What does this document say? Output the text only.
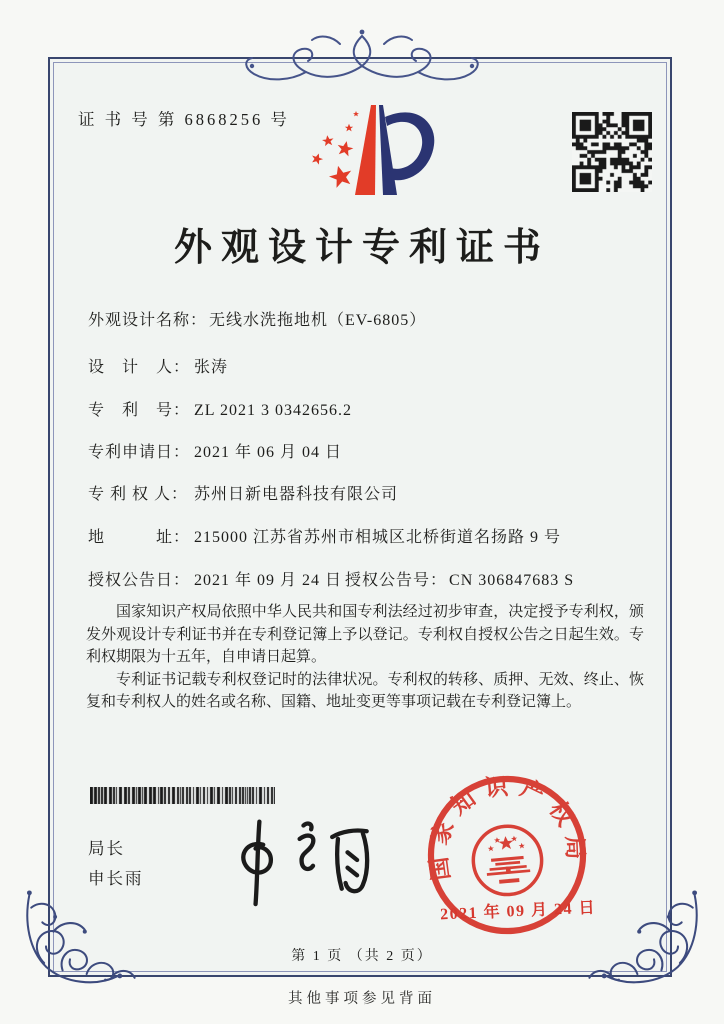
证 书 号 第 6868256 号
外观设计专利证书
外观设计名称： 无线水洗拖地机（EV-6805）
设　计　人： 张涛
专　利　号： ZL 2021 3 0342656.2
专利申请日： 2021 年 06 月 04 日
专 利 权 人： 苏州日新电器科技有限公司
地　　　址： 215000 江苏省苏州市相城区北桥街道名扬路 9 号
授权公告日： 2021 年 09 月 24 日 授权公告号： CN 306847683 S

国家知识产权局依照中华人民共和国专利法经过初步审查，决定授予专利权，颁发外观设计专利证书并在专利登记簿上予以登记。专利权自授权公告之日起生效。专利权期限为十五年，自申请日起算。

专利证书记载专利权登记时的法律状况。专利权的转移、质押、无效、终止、恢复和专利权人的姓名或名称、国籍、地址变更等事项记载在专利登记簿上。

局长
申长雨	国家知识产权局
2021 年 09 月 24 日
第 1 页 （共 2 页）
其他事项参见背面
